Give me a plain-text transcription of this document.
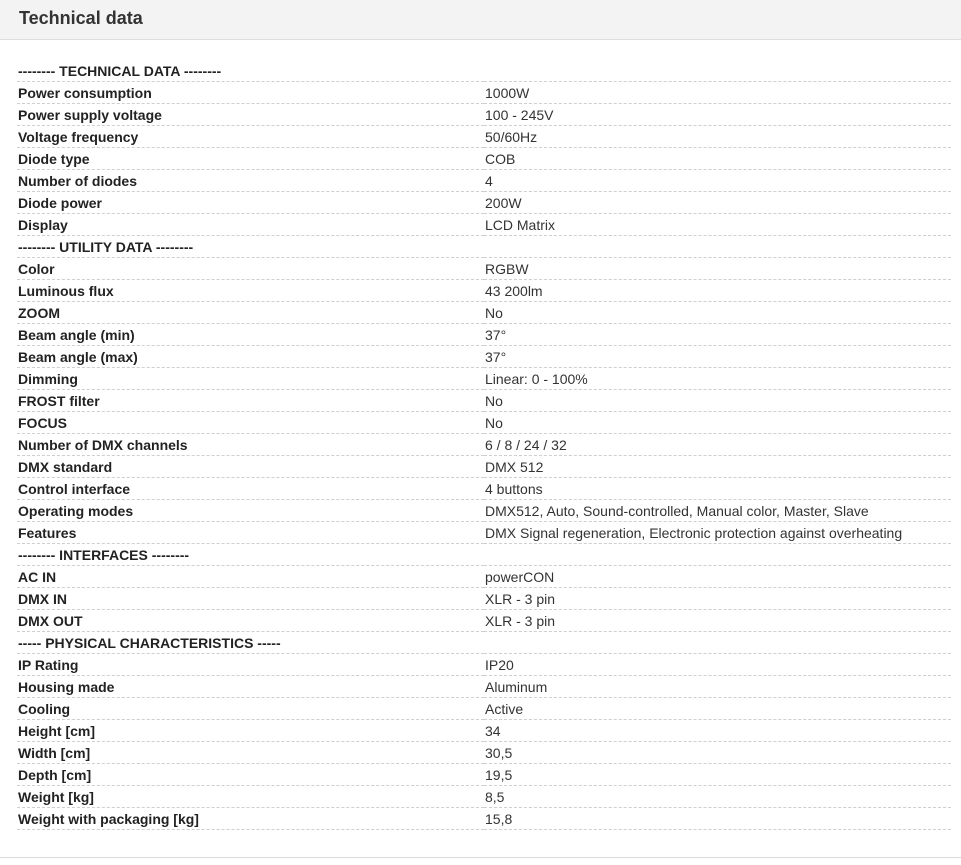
Technical data
-------- TECHNICAL DATA --------	
Power consumption	1000W
Power supply voltage	100 - 245V
Voltage frequency	50/60Hz
Diode type	COB
Number of diodes	4
Diode power	200W
Display	LCD Matrix
-------- UTILITY DATA --------	
Color	RGBW
Luminous flux	43 200lm
ZOOM	No
Beam angle (min)	37°
Beam angle (max)	37°
Dimming	Linear: 0 - 100%
FROST filter	No
FOCUS	No
Number of DMX channels	6 / 8 / 24 / 32
DMX standard	DMX 512
Control interface	4 buttons
Operating modes	DMX512, Auto, Sound-controlled, Manual color, Master, Slave
Features	DMX Signal regeneration, Electronic protection against overheating
-------- INTERFACES --------	
AC IN	powerCON
DMX IN	XLR - 3 pin
DMX OUT	XLR - 3 pin
----- PHYSICAL CHARACTERISTICS -----	
IP Rating	IP20
Housing made	Aluminum
Cooling	Active
Height [cm]	34
Width [cm]	30,5
Depth [cm]	19,5
Weight [kg]	8,5
Weight with packaging [kg]	15,8
